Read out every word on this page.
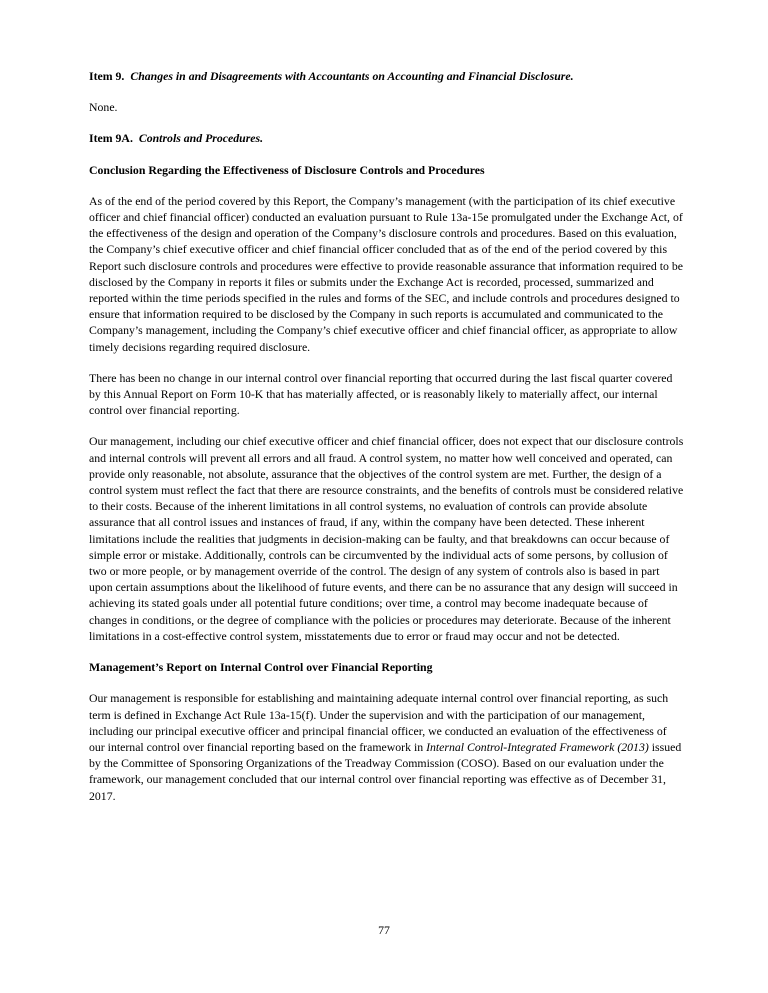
Item 9. Changes in and Disagreements with Accountants on Accounting and Financial Disclosure.

None.

Item 9A. Controls and Procedures.

Conclusion Regarding the Effectiveness of Disclosure Controls and Procedures

As of the end of the period covered by this Report, the Company’s management (with the participation of its chief executive officer and chief financial officer) conducted an evaluation pursuant to Rule 13a-15e promulgated under the Exchange Act, of the effectiveness of the design and operation of the Company’s disclosure controls and procedures. Based on this evaluation, the Company’s chief executive officer and chief financial officer concluded that as of the end of the period covered by this Report such disclosure controls and procedures were effective to provide reasonable assurance that information required to be disclosed by the Company in reports it files or submits under the Exchange Act is recorded, processed, summarized and reported within the time periods specified in the rules and forms of the SEC, and include controls and procedures designed to ensure that information required to be disclosed by the Company in such reports is accumulated and communicated to the Company’s management, including the Company’s chief executive officer and chief financial officer, as appropriate to allow timely decisions regarding required disclosure.

There has been no change in our internal control over financial reporting that occurred during the last fiscal quarter covered by this Annual Report on Form 10-K that has materially affected, or is reasonably likely to materially affect, our internal control over financial reporting.

Our management, including our chief executive officer and chief financial officer, does not expect that our disclosure controls and internal controls will prevent all errors and all fraud. A control system, no matter how well conceived and operated, can provide only reasonable, not absolute, assurance that the objectives of the control system are met. Further, the design of a control system must reflect the fact that there are resource constraints, and the benefits of controls must be considered relative to their costs. Because of the inherent limitations in all control systems, no evaluation of controls can provide absolute assurance that all control issues and instances of fraud, if any, within the company have been detected. These inherent limitations include the realities that judgments in decision-making can be faulty, and that breakdowns can occur because of simple error or mistake. Additionally, controls can be circumvented by the individual acts of some persons, by collusion of two or more people, or by management override of the control. The design of any system of controls also is based in part upon certain assumptions about the likelihood of future events, and there can be no assurance that any design will succeed in achieving its stated goals under all potential future conditions; over time, a control may become inadequate because of changes in conditions, or the degree of compliance with the policies or procedures may deteriorate. Because of the inherent limitations in a cost-effective control system, misstatements due to error or fraud may occur and not be detected.

Management’s Report on Internal Control over Financial Reporting

Our management is responsible for establishing and maintaining adequate internal control over financial reporting, as such term is defined in Exchange Act Rule 13a-15(f). Under the supervision and with the participation of our management, including our principal executive officer and principal financial officer, we conducted an evaluation of the effectiveness of our internal control over financial reporting based on the framework in Internal Control-Integrated Framework (2013) issued by the Committee of Sponsoring Organizations of the Treadway Commission (COSO). Based on our evaluation under the framework, our management concluded that our internal control over financial reporting was effective as of December 31, 2017.

77
